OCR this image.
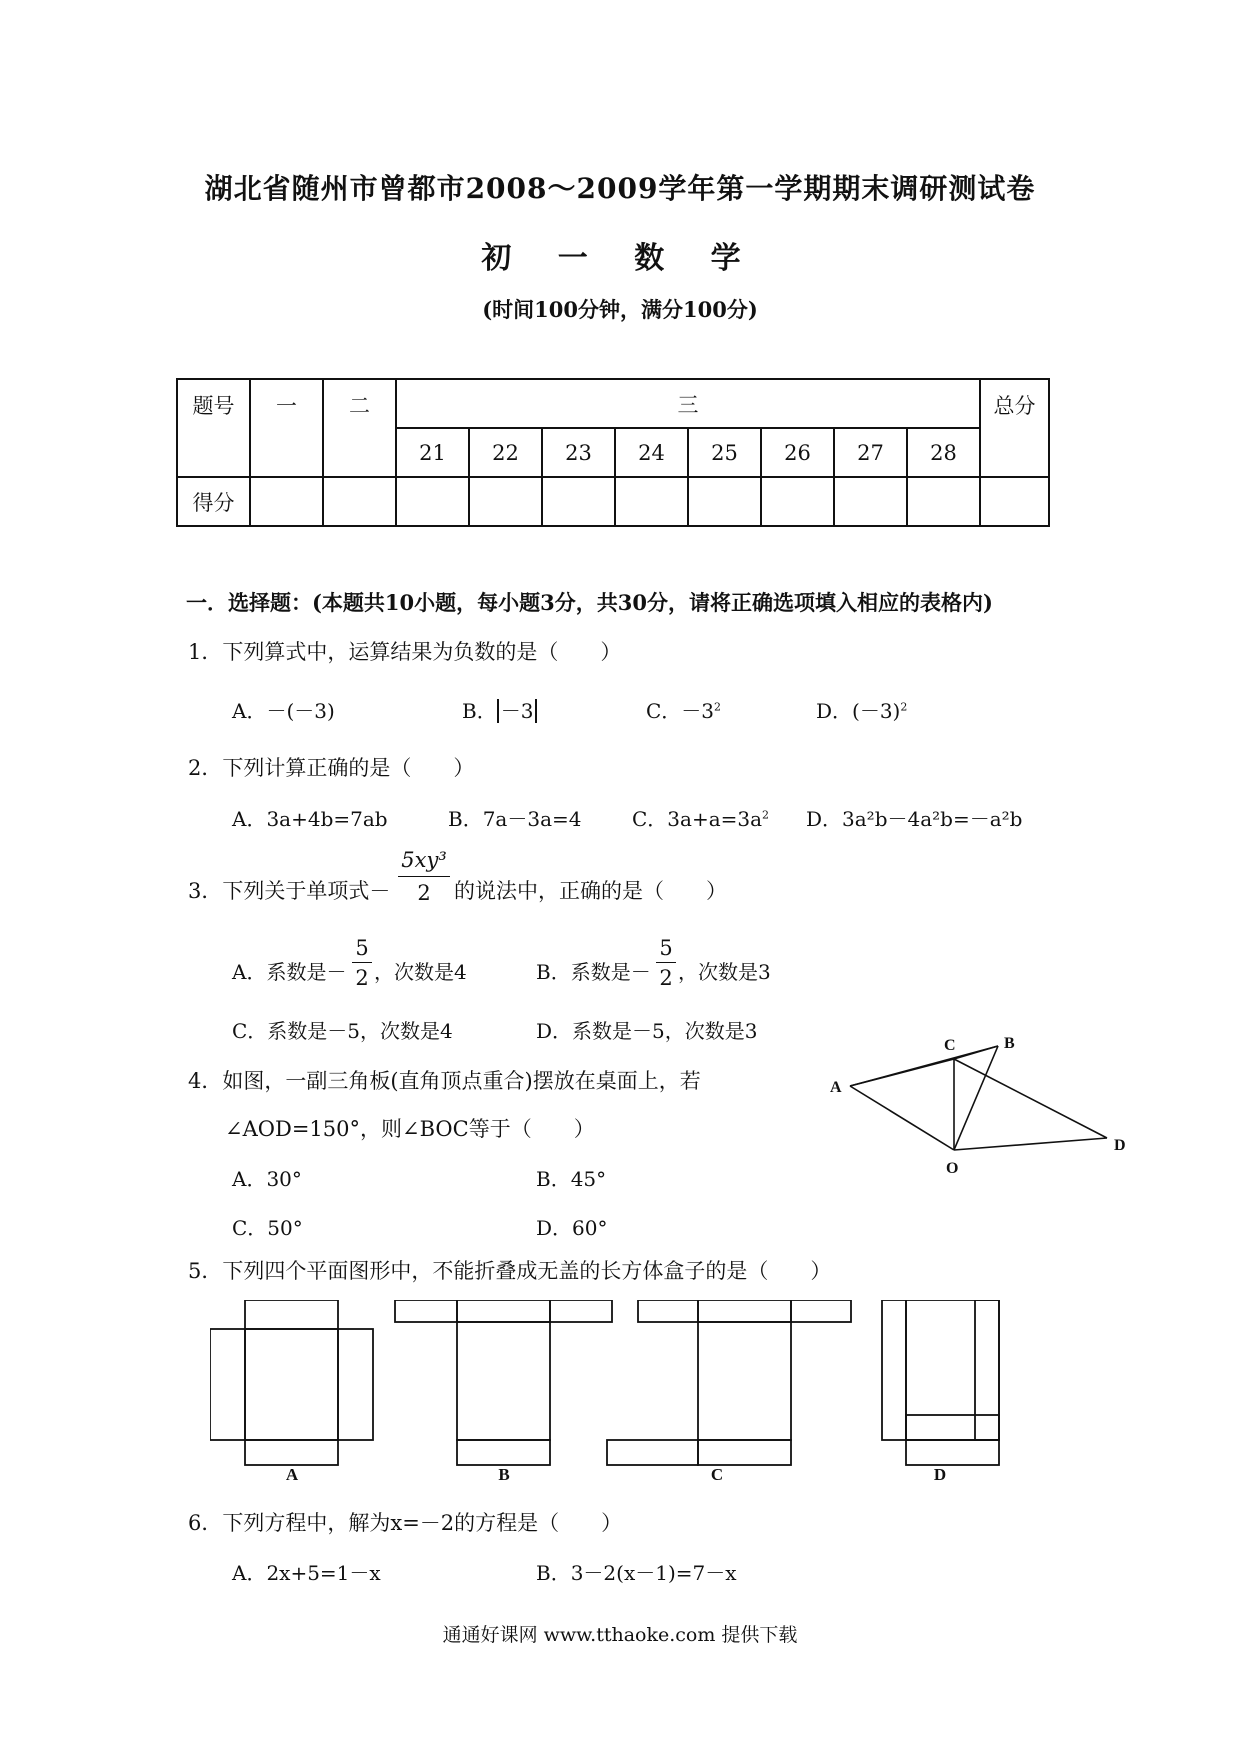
湖北省随州市曾都市2008～2009学年第一学期期末调研测试卷
初 一 数 学
(时间100分钟，满分100分)
题号	一	二	三								总分
			21	22	23	24	25	26	27	28	
得分											
一．选择题：(本题共10小题，每小题3分，共30分，请将正确选项填入相应的表格内)
1．下列算式中，运算结果为负数的是（　　）
A．－(－3)	B． －3	C．$-3^2$	D．$(-3)^2$
2．下列计算正确的是（　　）
A．3a+4b=7ab	B．7a－3a=4	C．$3a+a=3a^2$ D．3a²b－4a²b=－a²b
3．下列关于单项式－
5xy³
2	的说法中，正确的是（　　）
A．系数是－
5
2 ，次数是4	B．系数是－
5
2 ，次数是3
C．系数是－5，次数是4	D．系数是－5，次数是3
4．如图，一副三角板(直角顶点重合)摆放在桌面上，若
∠AOD=150°，则∠BOC等于（　　）
A．30°	B．45°
C．50°	D．60°
A
C	B
D
O
5．下列四个平面图形中，不能折叠成无盖的长方体盒子的是（　　）
A	B	C	D
6．下列方程中，解为x=－2的方程是（　　）
A．2x+5=1－x	B．3－2(x－1)=7－x
通通好课网 www.tthaoke.com 提供下载
